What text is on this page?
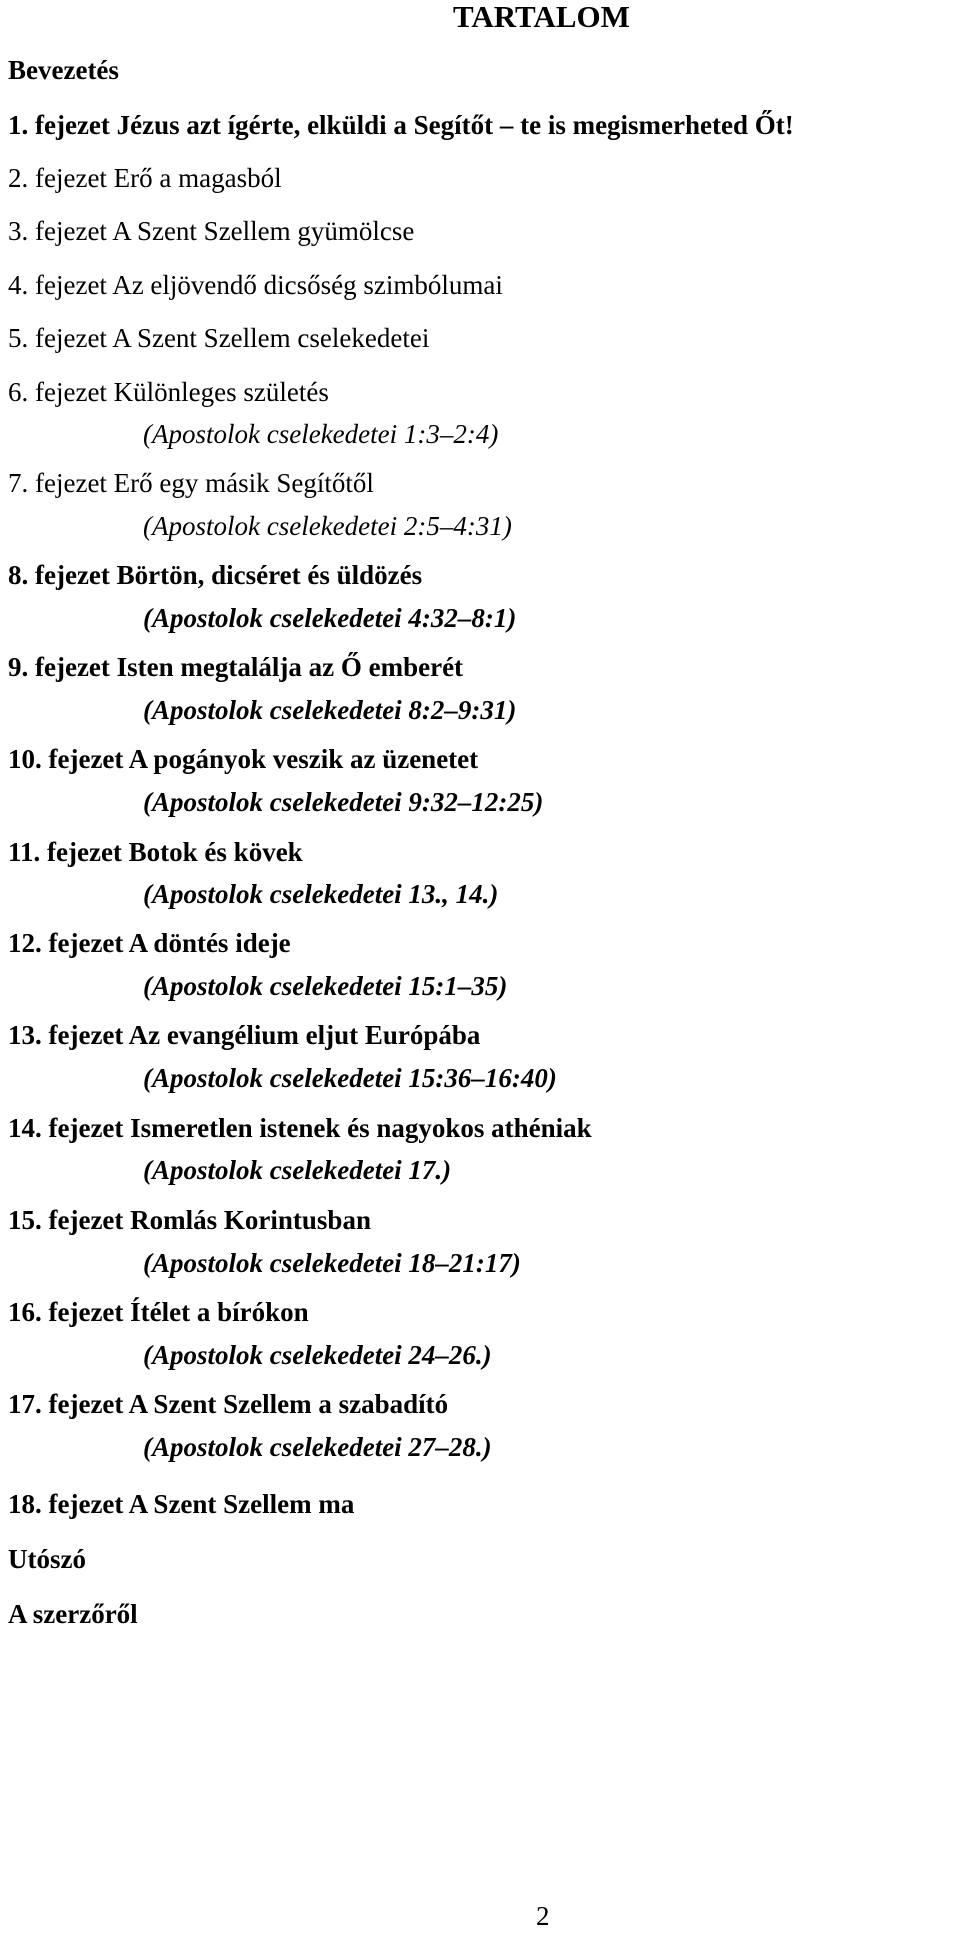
TARTALOM
Bevezetés
1. fejezet Jézus azt ígérte, elküldi a Segítőt – te is megismerheted Őt!
2. fejezet Erő a magasból
3. fejezet A Szent Szellem gyümölcse
4. fejezet Az eljövendő dicsőség szimbólumai
5. fejezet A Szent Szellem cselekedetei
6. fejezet Különleges születés
(Apostolok cselekedetei 1:3–2:4)
7. fejezet Erő egy másik Segítőtől
(Apostolok cselekedetei 2:5–4:31)
8. fejezet Börtön, dicséret és üldözés
(Apostolok cselekedetei 4:32–8:1)
9. fejezet Isten megtalálja az Ő emberét
(Apostolok cselekedetei 8:2–9:31)
10. fejezet A pogányok veszik az üzenetet
(Apostolok cselekedetei 9:32–12:25)
11. fejezet Botok és kövek
(Apostolok cselekedetei 13., 14.)
12. fejezet A döntés ideje
(Apostolok cselekedetei 15:1–35)
13. fejezet Az evangélium eljut Európába
(Apostolok cselekedetei 15:36–16:40)
14. fejezet Ismeretlen istenek és nagyokos athéniak
(Apostolok cselekedetei 17.)
15. fejezet Romlás Korintusban
(Apostolok cselekedetei 18–21:17)
16. fejezet Ítélet a bírókon
(Apostolok cselekedetei 24–26.)
17. fejezet A Szent Szellem a szabadító
(Apostolok cselekedetei 27–28.)
18. fejezet A Szent Szellem ma
Utószó
A szerzőről
2
